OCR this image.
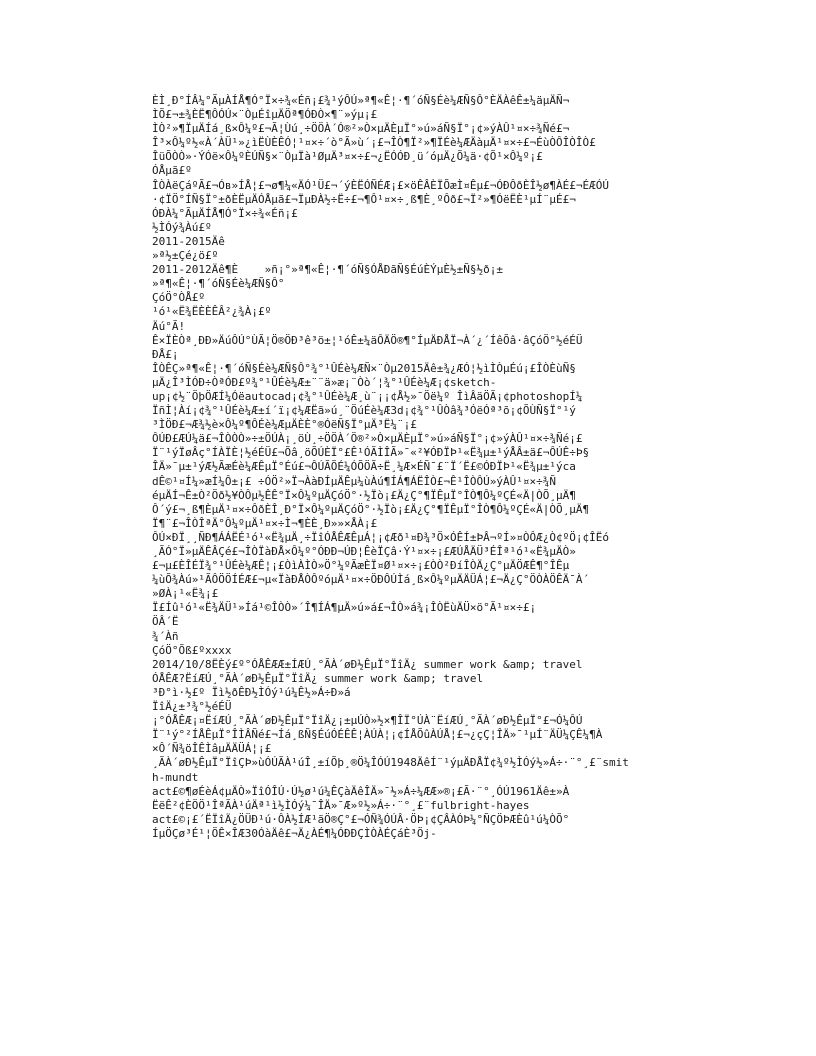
ÈÌ¸Ð°ÍÂ¼°ÃµÀÍÅ¶Ó°Ï×÷¾«Éñ¡£¾¹ýÔÚ»ª¶«Ê¦·¶´óÑ§Éè¼ÆÑ§Ô°ÈÄÀêÊ±¼äµÄÑ¬
ÌÕ£¬±¾ÈË¶ÔÓÚ×¨ÒµÉîµÄÖª¶ÓÐÒ×¶¨»ýµ¡£
ÌÒ²»¶ÏµÄÍá¸ß×Ô¼º£¬Ã¦Ùú¸÷ÖÖÀ´Ó®²»Ò×µÄÈµÏ°»ú»áÑ§Ï°¡¢»ýÀÛ¹¤×÷¾Ñé£¬
Î³×Ô¼º½«À´ÀÜ¹»¿ìËÙÈÊÓ¦¹¤×÷´ò°Ã»ù´¡£¬ÎÒ¶Ï²»¶ÏÉè¼ÆÄàµÄ¹¤×÷£¬ÉùÒÔÎÒÎÒ£
ÎüÕÒÒ»·ÝÓë×Ô¼ºÈÚÑ§×¨ÒµÏà¹ØµÄ³¤×÷£¬¿ËÓÓÐ¸ü´óµÄ¿Õ¼ä·¢Õ¹×Ô¼º¡£
ÓÅµã£º
ÎÒÀëÇáºÃ£¬Óв»ÍÅ¦£¬ø¶¼«ÄÓ¹Ü£¬´ýÈËÓÑÉÆ¡£×öÊÂÈÏÕæÌ¤Êµ£¬ÓÐÔðÈÎ½ø¶ÀÉ£¬ÉÆÓÚ
·¢ÏÖ°ÍÑ§Ï°±ðÈËµÄÓÅµã£¬ÏµÐÀ½÷Ë÷£¬¶Ô¹¤×÷¸ß¶È¸ºÔð£¬Ï²»¶ÓëËÈ¹µÍ¨µÉ£¬
ÓÐÀ¼°ÃµÄÍÅ¶Ó°Ï×÷¾«Éñ¡£
½ÌÓý¾Àú£º
2011-2015Äê
»ª½±Çé¿ö£º
2011-2012Äê¶È    »ñ¡°»ª¶«Ê¦·¶´óÑ§ÓÅÐãÑ§ÉúÈÝµÈ½±Ñ§½ð¡±
»ª¶«Ê¦·¶´óÑ§Éè¼ÆÑ§Ô°
ÇóÖ°ÒÅ£º
¹ó¹«Ë¾ËÈÈÊÂ²¿¾À¡£º
Äú°Ã!
Ê×ÏÈÒª¸ÐÐ»ÄúÔÚ°ÙÃ¦Ö®ÖÐ³ê³ö±¦¹óÊ±¼äÔÄÖ®¶°ÍµÄÐÅÏ¬À´¿´ÍêÕâ·âÇóÖ°½éÉÜ
ÐÅ£¡
ÎÒÊÇ»ª¶«Ê¦·¶´óÑ§Éè¼ÆÑ§Ô°¾°¹ÛÉè¼ÆÑ×¨Òµ2015Äê±¾¿ÆÓ¦½ìÌÒµÉú¡£ÎÒÈùÑ§
µÄ¿Î³ÌÓÐ÷ÒªÓÐ£º¾°¹ÛÉè¼Æ±¨¨ä»æ¡¨Òò´¦¾°¹ÛÉè¼Æ¡¢sketch-
up¡¢½¨ÖþÖÆÍ¼Óëautocad¡¢¾°¹ÛÉè¼Æ¸ù¨¡¡¢Å½»¯Öë¼º ÎìÂäÖÃ¡¢photoshopÍ¼
ÏñÌ¦Àí¡¢¾°¹ÛÉè¼Æ±í´ï¡¢¼ÆËã»ú¸¨ÖúÉè¼Æ3d¡¢¾°¹ÛÒâ¾³ÓëÓª³õ¡¢ÕÙÑ§Ï°¹ý
³ÌÖÐ£¬Æ¾½è×Ô¼º¶ÔÉè¼ÆµÄÈÈ°®ÓëÑ§Ï°µÄ³Ë¼¨¡£
ÔÚÐ£ÆÚ¼ä£¬ÎÒÒÒ»÷±ÖÚÀ¡¸öÙ¸÷ÖÖÀ´Ö®²»Ò×µÄÈµÏ°»ú»áÑ§Ï°¡¢»ýÀÛ¹¤×÷¾Ñé¡£
Ï¨¹ýÏøÂç°ÍÀÏÈ¦½éÉÜ£¬Õâ¸öÕÚÈÏ°£Ê¹ÓÃÌÎÃ»¯«²¥ÓÐÏÞ¹«Ë¾µ±¹ýÅÂ±ä£¬ÔÚÊ÷Þ§
ÎÄ»¯µ±¹ýÆ½ÃæÉè¼ÆÊµÏ°Éú£¬ÔÚÃÕÉ¼ÓÕÖÃ÷Ë¸¼Æ×ÉÑ¯£¨Ï´Ë£©ÓÐÏÞ¹«Ë¾µ±¹ýca
dÊ©¹¤Í¼»æÍ¼Ô±¡£ ÷ÓÖ²»Ï¬ÀàÐÍµÄÊµ¼ùÀú¶ÍÁ¶ÁËÎÒ£¬Ê¹ÎÒÔÚ»ýÀÛ¹¤×÷¾Ñ
éµÄÍ¬Ê±Ò²Öð½¥ÒÔµ½ÊÊ°Ï×Ô¼ºµÄÇóÖ°·½Ïò¡£Ä¿Ç°¶ÏÊµÏ°ÎÒ¶Ô¼ºÇÉ«Ä|ÒÕ¸µÄ¶
Ô´ý£¬¸ß¶ÈµÄ¹¤×÷ÔðÈÎ¸Ð°Ï×Ô¼ºµÄÇóÖ°·½Ïò¡£Ä¿Ç°¶ÏÊµÏ°ÎÒ¶Ô¼ºÇÉ«Ä|ÒÕ¸µÄ¶
Ï¶¨£¬ÎÒÎªÄ°Ô¼ºµÄ¹¤×÷Ì¬¶ÈÈ¸Ð»»×ÅÀ¡£
ÔÚ×ÐÏ¸¸ÑÐ¶ÁÁËÉ¹ó¹«Ë¾µÄ¸÷ÏîÓÅÊÆÊµÁ¦¡¢Æð¹¤Ð¾³Ö×ÓÊÍ±ÞÂ¬ºÍ»¤ÒÔÆ¿Ò¢ºÖ¡¢ÎËó
¸ÃÓ°Ï»µÄÊÂÇé£¬ÎÒÏàÐÅ×Ô¼º°ÓÐÐ¬ÚÐ¦ÊèÏÇâ·Ý¹¤×÷¡£ÆÚÅÄÜ³ÉÎª¹ó¹«Ë¾µÄÒ»
£¬µ£ÈÎÉÏ¾°¹ÛÉè¼ÆÊ¦¡£ÒìÀÌÒ»Ö°¼ºÃæÈÏ¤Ø¹¤×÷¡£ÒÒ²ÐíÎÒÄ¿Ç°µÄÖÆÊ¶°ÎÊµ
¼ùÕ¾Àú»¹ÃÔÖÖÍÉÆ£¬µ«ÏàÐÅÒÔºóµÄ¹¤×÷ÖÐÔÚÌá¸ß×Ô¼ºµÄÄÜÁ¦£¬Ä¿Ç°ÖÒÀÖÊÄ¯À´
»ØÀ¡¹«Ë¾¡£
Ï£Íû¹ó¹«Ë¾ÄÜ¹»Íá¹©ÎÒÒ»´Î¶ÍÁ¶µÄ»ú»á£¬ÎÒ»á¾¡ÎÒËùÄÜ×ö°Ã¹¤×÷£¡
ÖÂ´Ë
¾´Àñ
ÇóÖ°Õß£ºxxxx
2014/10/8ËÈý£º°ÓÅÊÆÆ±ÍÆÚ¸°ÃÀ´øÐ½ÊµÏ°ÏîÄ¿ summer work &amp; travel
ÓÅÊÆ?ËíÆÚ¸°ÃÀ´øÐ½ÊµÏ°ÏîÄ¿ summer work &amp; travel
³Ð°ì·½£º Ïì½ðÊÐ½ÌÓý¹ú¼Ê½»Á÷Ð»á
ÏîÄ¿±³¾°½éÉÜ
¡°ÓÅÊÆ¡¤ËíÆÚ¸°ÃÀ´øÐ½ÊµÏ°ÏîÄ¿¡±µÚÒ»½×¶ÎÏ°ÚÀ¨ËíÆÚ¸°ÃÀ´øÐ½ÊµÏ°£¬Ó¼ÔÚ
Ï¨¹ý°²ÍÅÊµÏ°ÎÌÂÑé£¬Íá¸ßÑ§ÉúÓÉÊÊ¦ÀÚÀ¦¡¢ÍÅÕûÀÚÅ¦£¬¿çÇ¦ÎÄ»¯¹µÍ¨ÄÜ¼ÇÊ¼¶À
×Ô´Ñ¾öÎÊÌâµÄÄÜÁ¦¡£
¸ÃÀ´øÐ½ÊµÏ°ÏîÇÞ»ùÓÚÃÀ¹úÎ¸±íÕþ¸®Ö¼ÎÓÚ1948ÄêÍ¨¹ýµÄÐÅÏ¢¾º½ÌÓý½»Á÷·¨°¸£¨smit
h-mundt
act£©¶øÉèÁ¢µÄÒ»ÏîÓÎÚ·Ú½ø¹ú¼ÊÇàÄêÎÄ»¯½»Á÷¼ÆÆ»®¡£Ã·¨°¸ÓÚ1961Äê±»À
ËëÊ²¢ÈÖÖ¹ÎªÃÀ¹úÄª¹ì½ÌÓý¼¯ÎÄ»¯Æ»º½»Á÷·¨°¸£¨fulbright-hayes
act£©¡£´ËÏîÄ¿ÖÜÐ¹ú·ÔÀ½ÍÆ¹ãÖ®Ç°£¬ÓÑ¾ÓÚÂ·ÖÞ¡¢ÇÂÀÓÞ¼°ÑÇÖÞÆÈû¹ú¼ÒÕ°
ÍµÖÇø³É¹¦ÖÊ×ÎÆ30ÓàÄê£¬Ä¿ÀÉ¶¼ÓÐÐÇÌÒÀÉÇáÈ³Öj-
